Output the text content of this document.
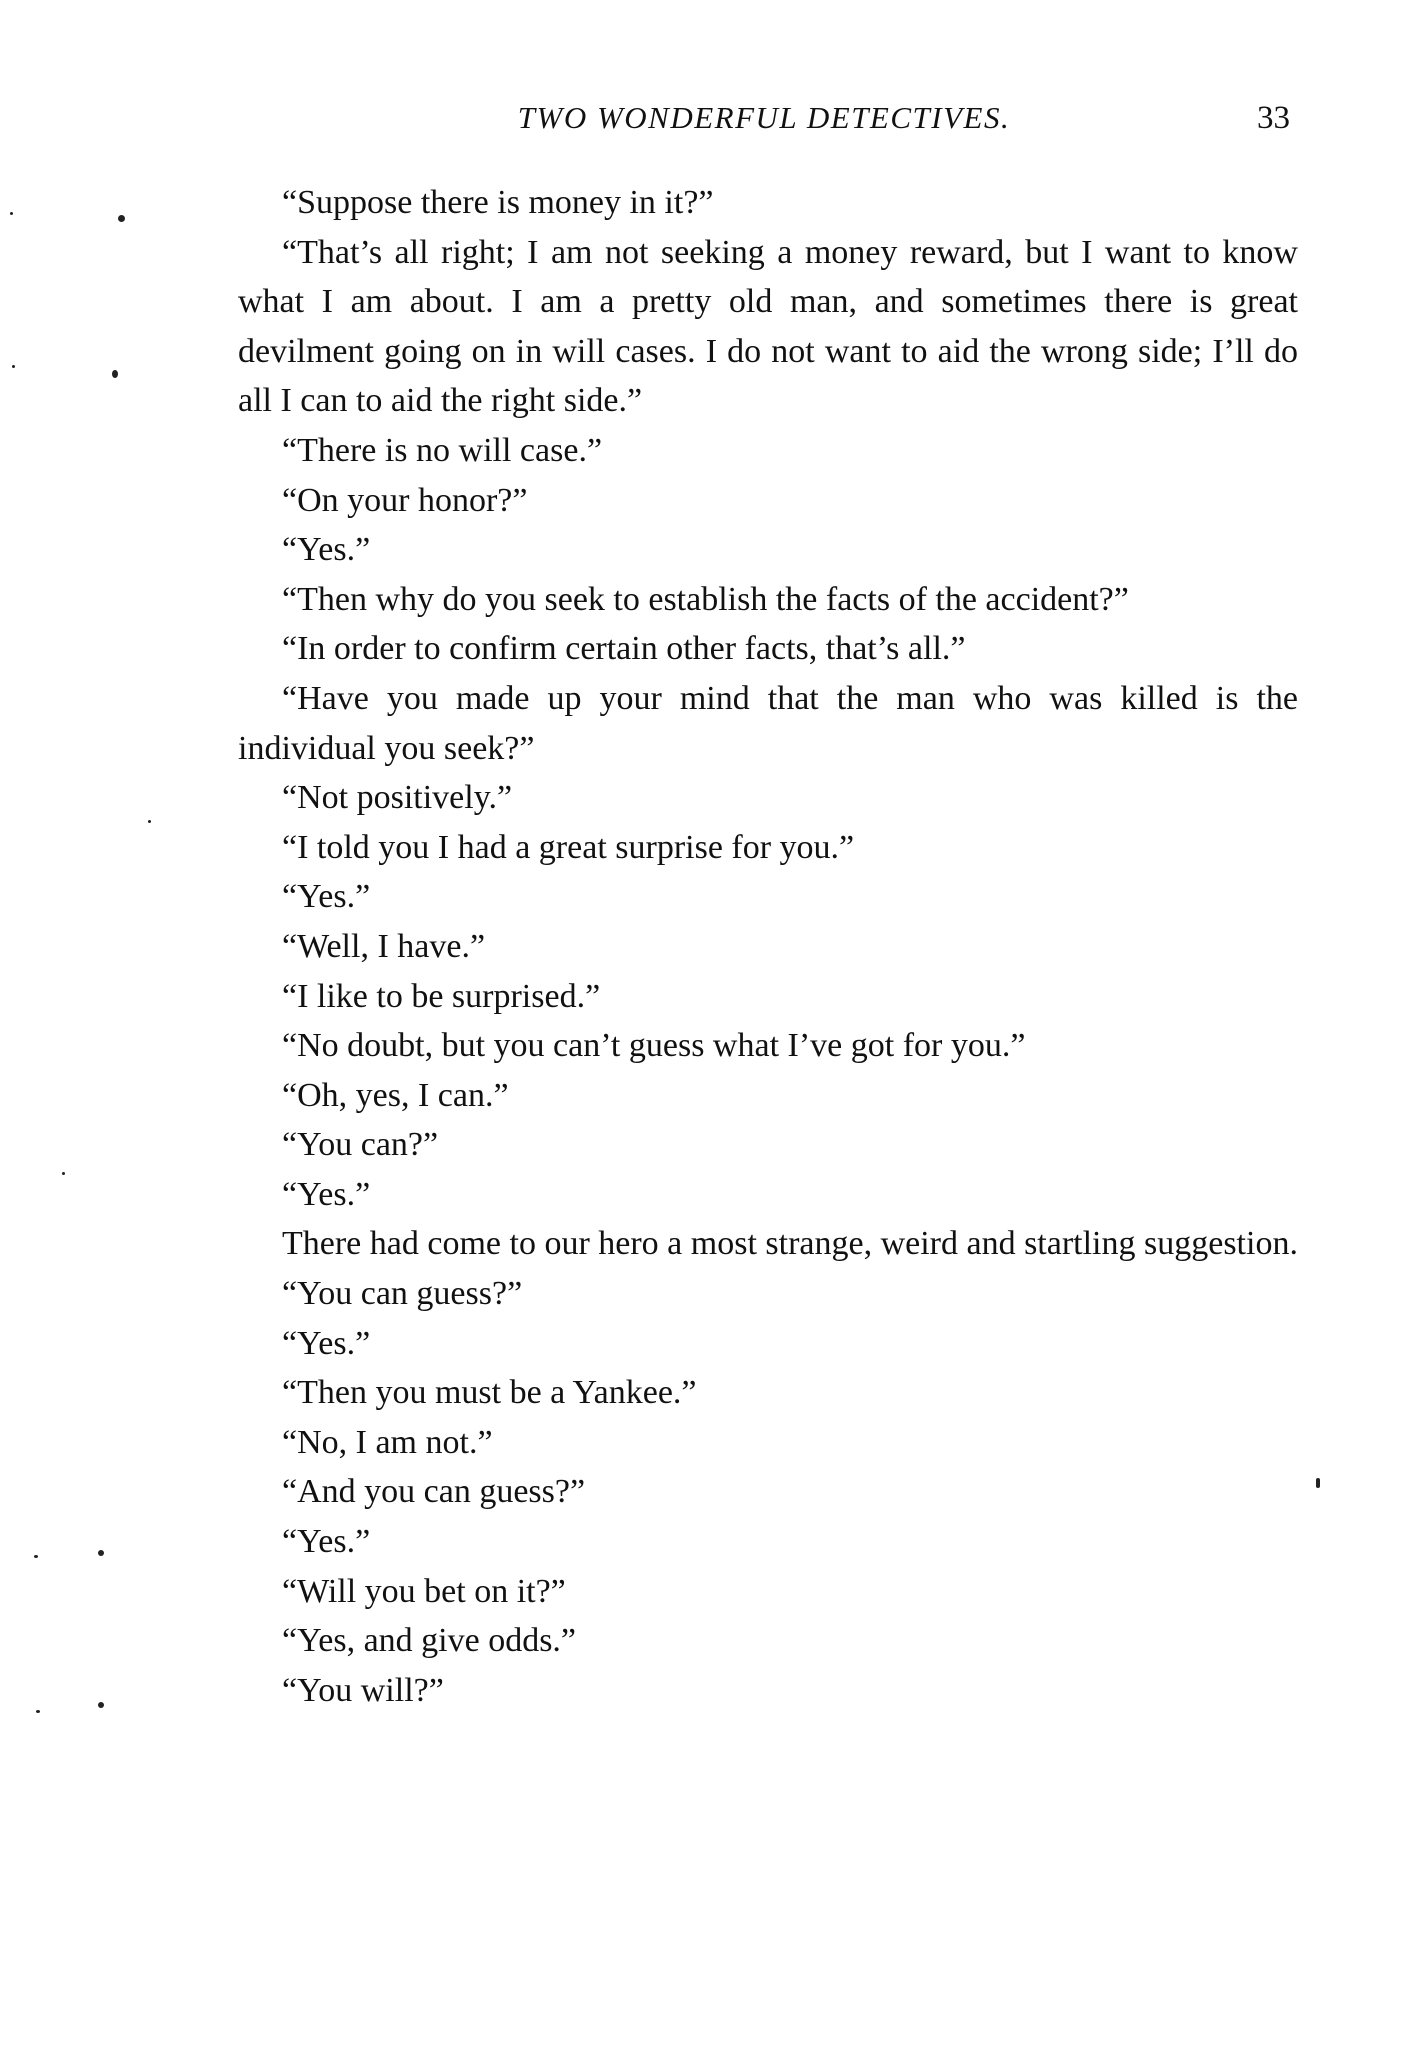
TWO WONDERFUL DETECTIVES.	33

“Suppose there is money in it?”

“That’s all right; I am not seeking a money reward, but I want to know what I am about. I am a pretty old man, and sometimes there is great devilment going on in will cases. I do not want to aid the wrong side; I’ll do all I can to aid the right side.”

“There is no will case.”

“On your honor?”

“Yes.”

“Then why do you seek to establish the facts of the accident?”

“In order to confirm certain other facts, that’s all.”

“Have you made up your mind that the man who was killed is the individual you seek?”

“Not positively.”

“I told you I had a great surprise for you.”

“Yes.”

“Well, I have.”

“I like to be surprised.”

“No doubt, but you can’t guess what I’ve got for you.”

“Oh, yes, I can.”

“You can?”

“Yes.”

There had come to our hero a most strange, weird and startling suggestion.

“You can guess?”

“Yes.”

“Then you must be a Yankee.”

“No, I am not.”

“And you can guess?”

“Yes.”

“Will you bet on it?”

“Yes, and give odds.”

“You will?”
